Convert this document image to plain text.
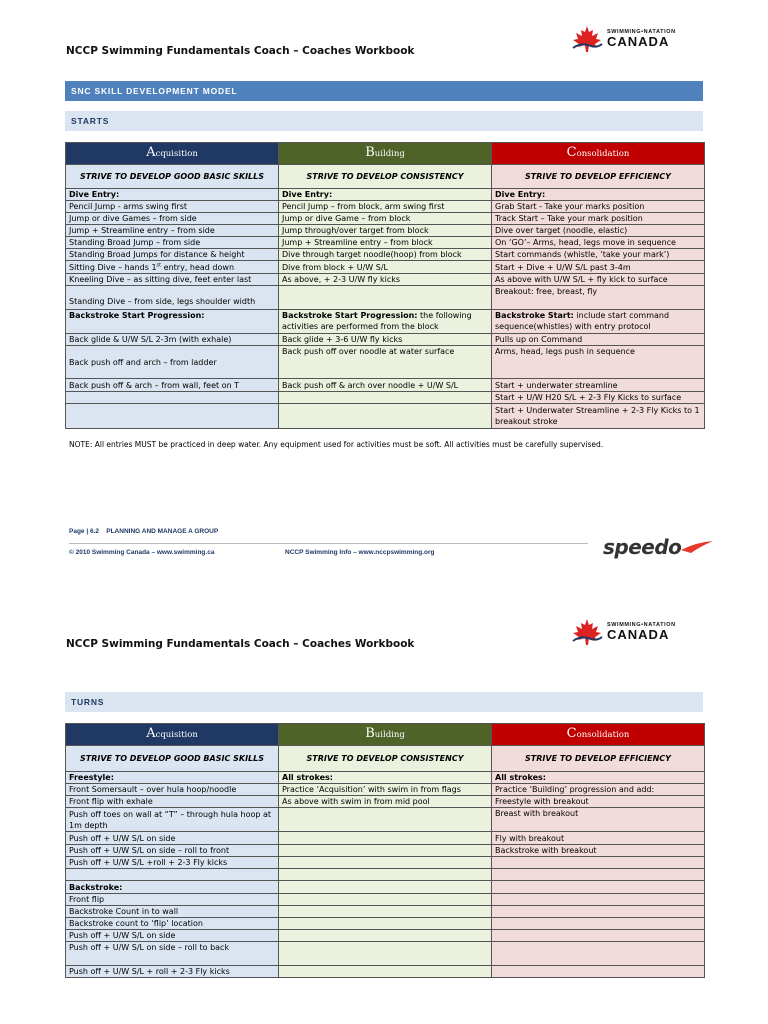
NCCP Swimming Fundamentals Coach – Coaches Workbook
SWIMMING•NATATION
CANADA
SNC SKILL DEVELOPMENT MODEL
STARTS
Acquisition	Building	Consolidation
STRIVE TO DEVELOP GOOD BASIC SKILLS	STRIVE TO DEVELOP CONSISTENCY	STRIVE TO DEVELOP EFFICIENCY
Dive Entry:	Dive Entry:	Dive Entry:
Pencil Jump - arms swing first	Pencil Jump – from block, arm swing first	Grab Start - Take your marks position
Jump or dive Games – from side	Jump or dive Game – from block	Track Start – Take your mark position
Jump + Streamline entry – from side	Jump through/over target from block	Dive over target (noodle, elastic)
Standing Broad Jump – from side	Jump + Streamline entry – from block	On ‘GO’– Arms, head, legs move in sequence
Standing Broad Jumps for distance & height	Dive through target noodle(hoop) from block	Start commands (whistle, ‘take your mark’)
Sitting Dive – hands 1st entry, head down	Dive from block + U/W S/L	Start + Dive + U/W S/L past 3-4m
Kneeling Dive – as sitting dive, feet enter last	As above, + 2-3 U/W fly kicks	As above with U/W S/L + fly kick to surface
Standing Dive – from side, legs shoulder width		Breakout: free, breast, fly
Backstroke Start Progression:	Backstroke Start Progression: the following activities are performed from the block	Backstroke Start: include start command sequence(whistles) with entry protocol
Back glide & U/W S/L 2-3m (with exhale)	Back glide + 3-6 U/W fly kicks	Pulls up on Command
Back push off and arch – from ladder	Back push off over noodle at water surface	Arms, head, legs push in sequence
Back push off & arch – from wall, feet on T	Back push off & arch over noodle + U/W S/L	Start + underwater streamline
		Start + U/W H20 S/L + 2-3 Fly Kicks to surface
		Start + Underwater Streamline + 2-3 Fly Kicks to 1 breakout stroke
NOTE: All entries MUST be practiced in deep water. Any equipment used for activities must be soft. All activities must be carefully supervised.
Page | 6.2 PLANNING AND MANAGE A GROUP
© 2010 Swimming Canada – www.swimming.ca	NCCP Swimming Info – www.nccpswimming.org	speedo
NCCP Swimming Fundamentals Coach – Coaches Workbook
SWIMMING•NATATION
CANADA
TURNS
Acquisition	Building	Consolidation
STRIVE TO DEVELOP GOOD BASIC SKILLS	STRIVE TO DEVELOP CONSISTENCY	STRIVE TO DEVELOP EFFICIENCY
Freestyle:	All strokes:	All strokes:
Front Somersault – over hula hoop/noodle	Practice ‘Acquisition’ with swim in from flags	Practice ‘Building’ progression and add:
Front flip with exhale	As above with swim in from mid pool	Freestyle with breakout
Push off toes on wall at “T” – through hula hoop at 1m depth		Breast with breakout
Push off + U/W S/L on side		Fly with breakout
Push off + U/W S/L on side – roll to front		Backstroke with breakout
Push off + U/W S/L +roll + 2-3 Fly kicks		

Backstroke:		
Front flip		
Backstroke Count in to wall		
Backstroke count to ‘flip’ location		
Push off + U/W S/L on side		
Push off + U/W S/L on side – roll to back		
Push off + U/W S/L + roll + 2-3 Fly kicks		
